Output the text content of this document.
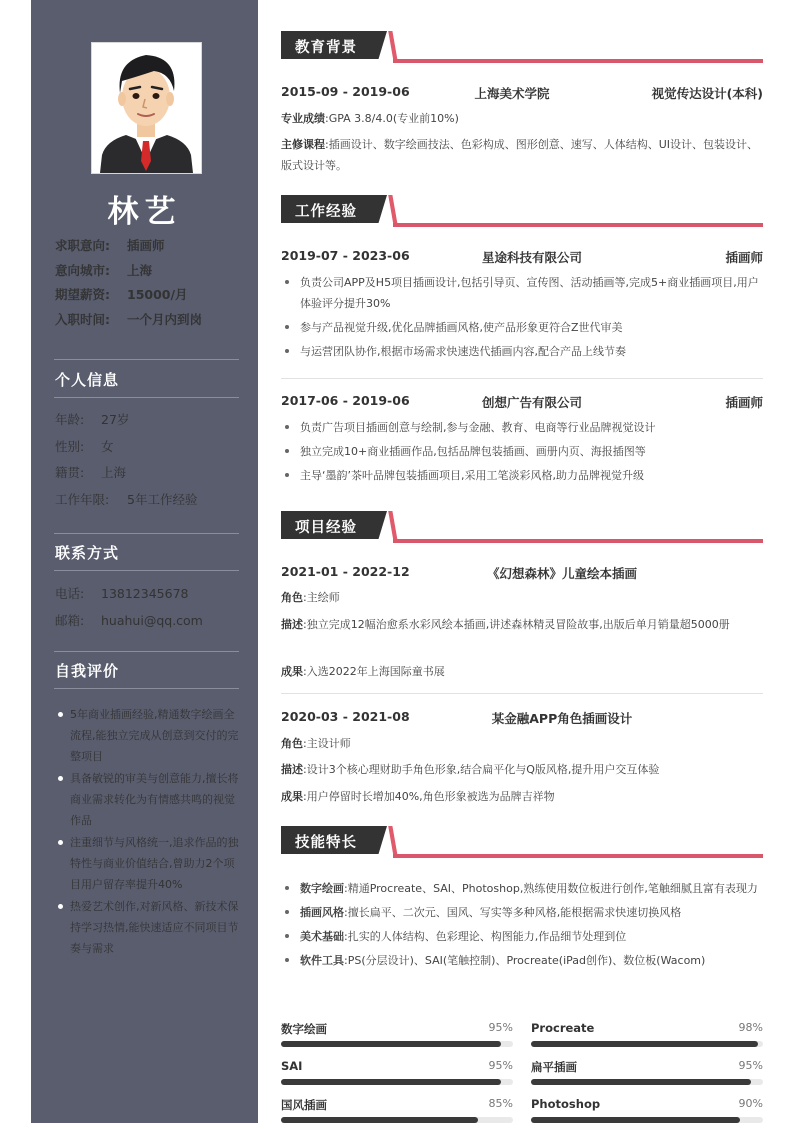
林艺
求职意向:	插画师
意向城市:	上海
期望薪资:	15000/月
入职时间:	一个月内到岗
个人信息
年龄:	27岁
性别:	女
籍贯:	上海
工作年限:	5年工作经验
联系方式
电话:	13812345678
邮箱:	huahui@qq.com
自我评价
5年商业插画经验,精通数字绘画全流程,能独立完成从创意到交付的完整项目
具备敏锐的审美与创意能力,擅长将商业需求转化为有情感共鸣的视觉作品
注重细节与风格统一,追求作品的独特性与商业价值结合,曾助力2个项目用户留存率提升40%
热爱艺术创作,对新风格、新技术保持学习热情,能快速适应不同项目节奏与需求
教育背景
2015-09 - 2019-06	上海美术学院	视觉传达设计(本科)
专业成绩:GPA 3.8/4.0(专业前10%)
主修课程:插画设计、数字绘画技法、色彩构成、图形创意、速写、人体结构、UI设计、包装设计、版式设计等。
工作经验
2019-07 - 2023-06	星途科技有限公司	插画师
负责公司APP及H5项目插画设计,包括引导页、宣传图、活动插画等,完成5+商业插画项目,用户体验评分提升30%
参与产品视觉升级,优化品牌插画风格,使产品形象更符合Z世代审美
与运营团队协作,根据市场需求快速迭代插画内容,配合产品上线节奏
2017-06 - 2019-06	创想广告有限公司	插画师
负责广告项目插画创意与绘制,参与金融、教育、电商等行业品牌视觉设计
独立完成10+商业插画作品,包括品牌包装插画、画册内页、海报插图等
主导‘墨韵’茶叶品牌包装插画项目,采用工笔淡彩风格,助力品牌视觉升级
项目经验
2021-01 - 2022-12	《幻想森林》儿童绘本插画
角色:主绘师
描述:独立完成12幅治愈系水彩风绘本插画,讲述森林精灵冒险故事,出版后单月销量超5000册
成果:入选2022年上海国际童书展
2020-03 - 2021-08	某金融APP角色插画设计
角色:主设计师
描述:设计3个核心理财助手角色形象,结合扁平化与Q版风格,提升用户交互体验
成果:用户停留时长增加40%,角色形象被选为品牌吉祥物
技能特长
数字绘画:精通Procreate、SAI、Photoshop,熟练使用数位板进行创作,笔触细腻且富有表现力
插画风格:擅长扁平、二次元、国风、写实等多种风格,能根据需求快速切换风格
美术基础:扎实的人体结构、色彩理论、构图能力,作品细节处理到位
软件工具:PS(分层设计)、SAI(笔触控制)、Procreate(iPad创作)、数位板(Wacom)
数字绘画	95% Procreate	98%
SAI	95% 扁平插画	95%
国风插画	85% Photoshop	90%
